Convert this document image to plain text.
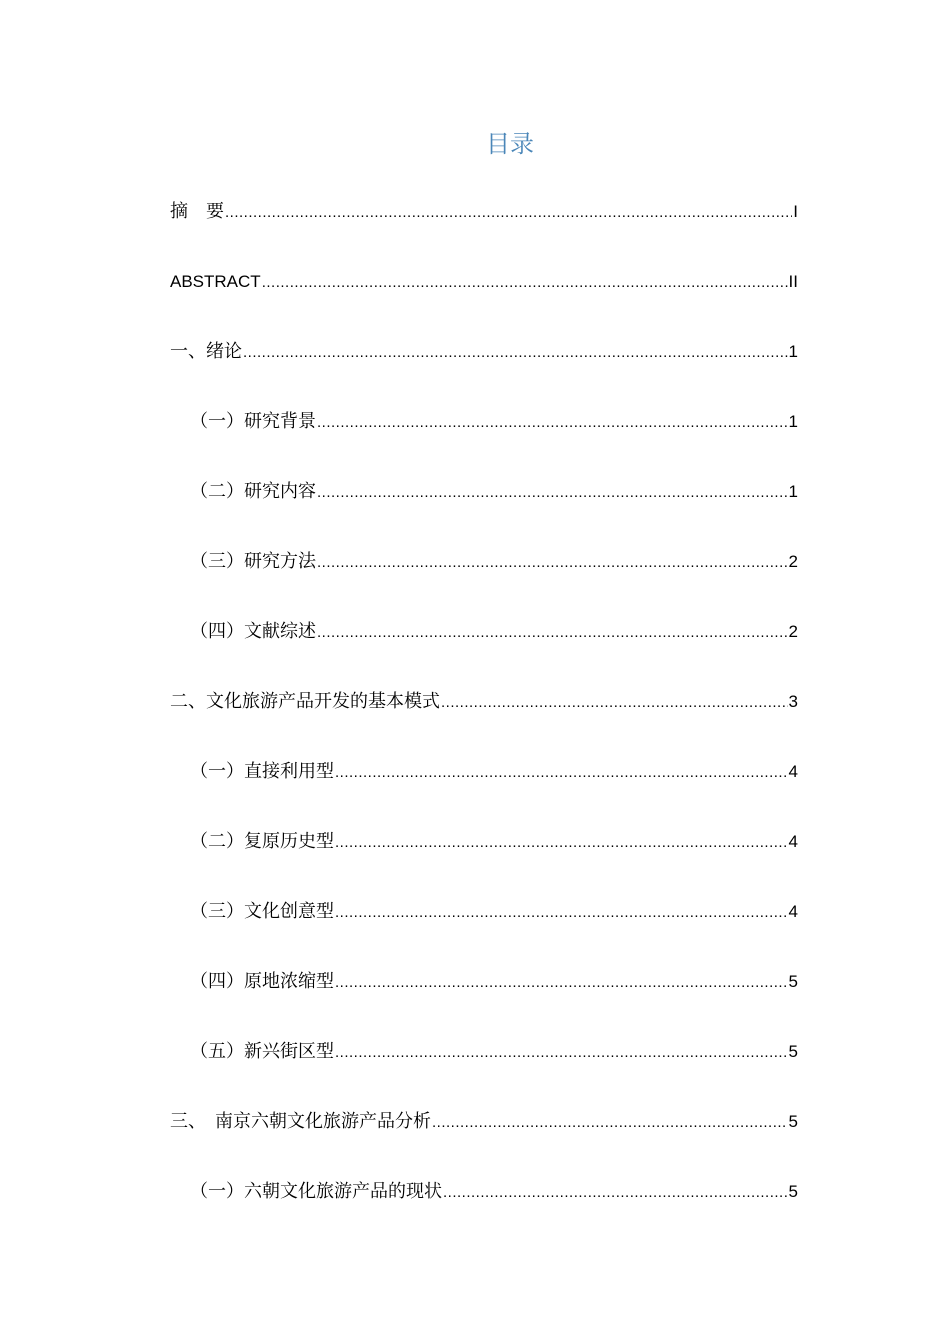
目录
摘　要 .....	I
ABSTRACT .....	II
一、绪论 .....	1
（一）研究背景 .....	1
（二）研究内容 .....	1
（三）研究方法 .....	2
（四）文献综述 .....	2
二、文化旅游产品开发的基本模式 .....	3
（一）直接利用型 .....	4
（二）复原历史型 .....	4
（三）文化创意型 .....	4
（四）原地浓缩型 .....	5
（五）新兴街区型 .....	5
三、　南京六朝文化旅游产品分析 .....	5
（一）六朝文化旅游产品的现状 .....	5
